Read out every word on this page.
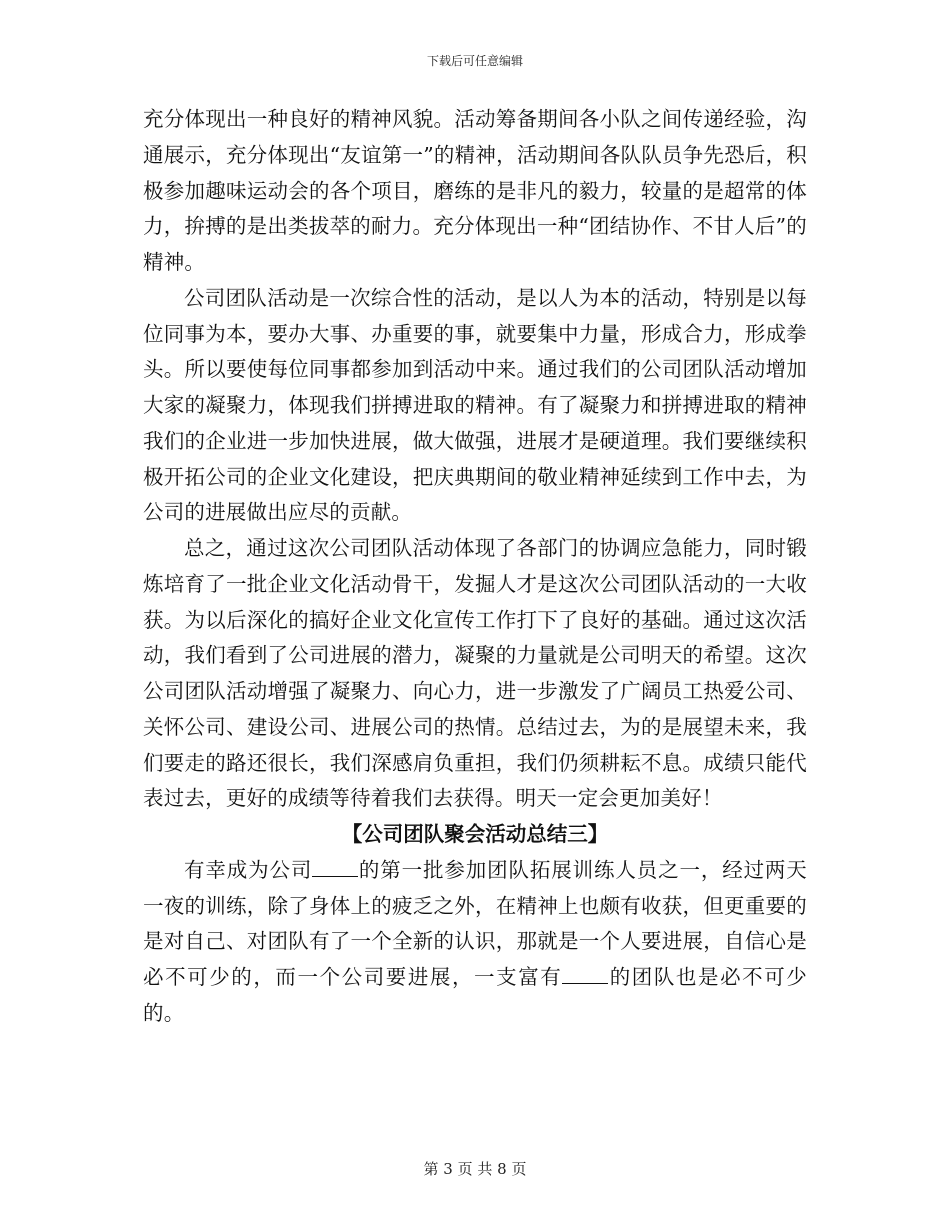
下载后可任意编辑

充分体现出一种良好的精神风貌。活动筹备期间各小队之间传递经验，沟通展示，充分体现出“友谊第一”的精神，活动期间各队队员争先恐后，积极参加趣味运动会的各个项目，磨练的是非凡的毅力，较量的是超常的体力，拚搏的是出类拔萃的耐力。充分体现出一种“团结协作、不甘人后”的精神。

公司团队活动是一次综合性的活动，是以人为本的活动，特别是以每位同事为本，要办大事、办重要的事，就要集中力量，形成合力，形成拳头。所以要使每位同事都参加到活动中来。通过我们的公司团队活动增加大家的凝聚力，体现我们拼搏进取的精神。有了凝聚力和拼搏进取的精神我们的企业进一步加快进展，做大做强，进展才是硬道理。我们要继续积极开拓公司的企业文化建设，把庆典期间的敬业精神延续到工作中去，为公司的进展做出应尽的贡献。

总之，通过这次公司团队活动体现了各部门的协调应急能力，同时锻炼培育了一批企业文化活动骨干，发掘人才是这次公司团队活动的一大收获。为以后深化的搞好企业文化宣传工作打下了良好的基础。通过这次活动，我们看到了公司进展的潜力，凝聚的力量就是公司明天的希望。这次公司团队活动增强了凝聚力、向心力，进一步激发了广阔员工热爱公司、关怀公司、建设公司、进展公司的热情。总结过去，为的是展望未来，我们要走的路还很长，我们深感肩负重担，我们仍须耕耘不息。成绩只能代表过去，更好的成绩等待着我们去获得。明天一定会更加美好！

【公司团队聚会活动总结三】

有幸成为公司 的第一批参加团队拓展训练人员之一，经过两天一夜的训练，除了身体上的疲乏之外，在精神上也颇有收获，但更重要的是对自己、对团队有了一个全新的认识，那就是一个人要进展，自信心是必不可少的，而一个公司要进展，一支富有 的团队也是必不可少的。

第 3 页 共 8 页
